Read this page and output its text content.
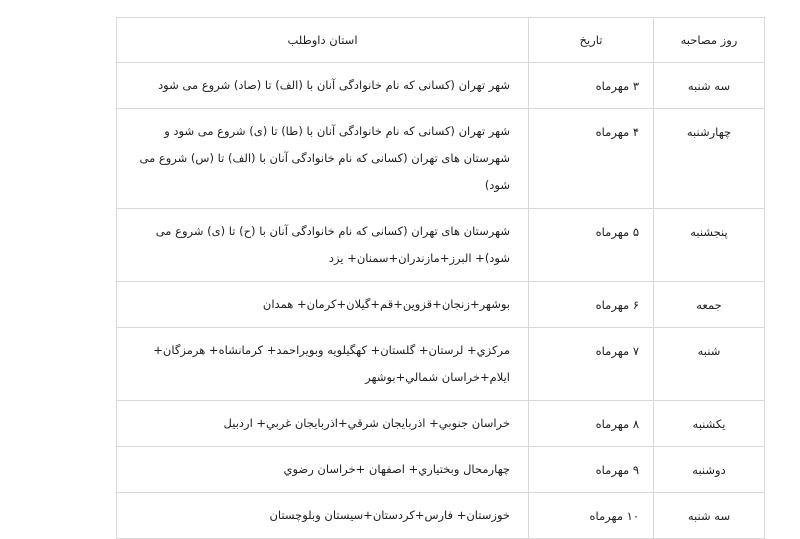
روز مصاحبه	تاریخ	استان داوطلب
سه شنبه	۳ مهرماه	شهر تهران (کسانی که نام خانوادگی آنان با (الف) تا (صاد) شروع می شود
چهارشنبه	۴ مهرماه	شهر تهران (کسانی که نام خانوادگی آنان با (طا) تا (ی) شروع می شود و شهرستان های تهران (کسانی که نام خانوادگی آنان با (الف) تا (س) شروع می شود)
پنجشنبه	۵ مهرماه	شهرستان های تهران (کسانی که نام خانوادگی آنان با (ح) تا (ی) شروع می شود)+ البرز+مازندران+سمنان+ یزد
جمعه	۶ مهرماه	بوشهر+زنجان+قزوین+قم+گیلان+کرمان+ همدان
شنبه	۷ مهرماه	مرکزي+ لرستان+ گلستان+ کهگیلویه وبویراحمد+ کرمانشاه+ هرمزگان+ ایلام+خراسان شمالي+بوشهر
یکشنبه	۸ مهرماه	خراسان جنوبي+ اذربایجان شرقي+اذربایجان غربي+ اردبیل
دوشنبه	۹ مهرماه	چهارمحال وبختیاري+ اصفهان +خراسان رضوي
سه شنبه	۱۰ مهرماه	خوزستان+ فارس+کردستان+سیستان وبلوچستان
